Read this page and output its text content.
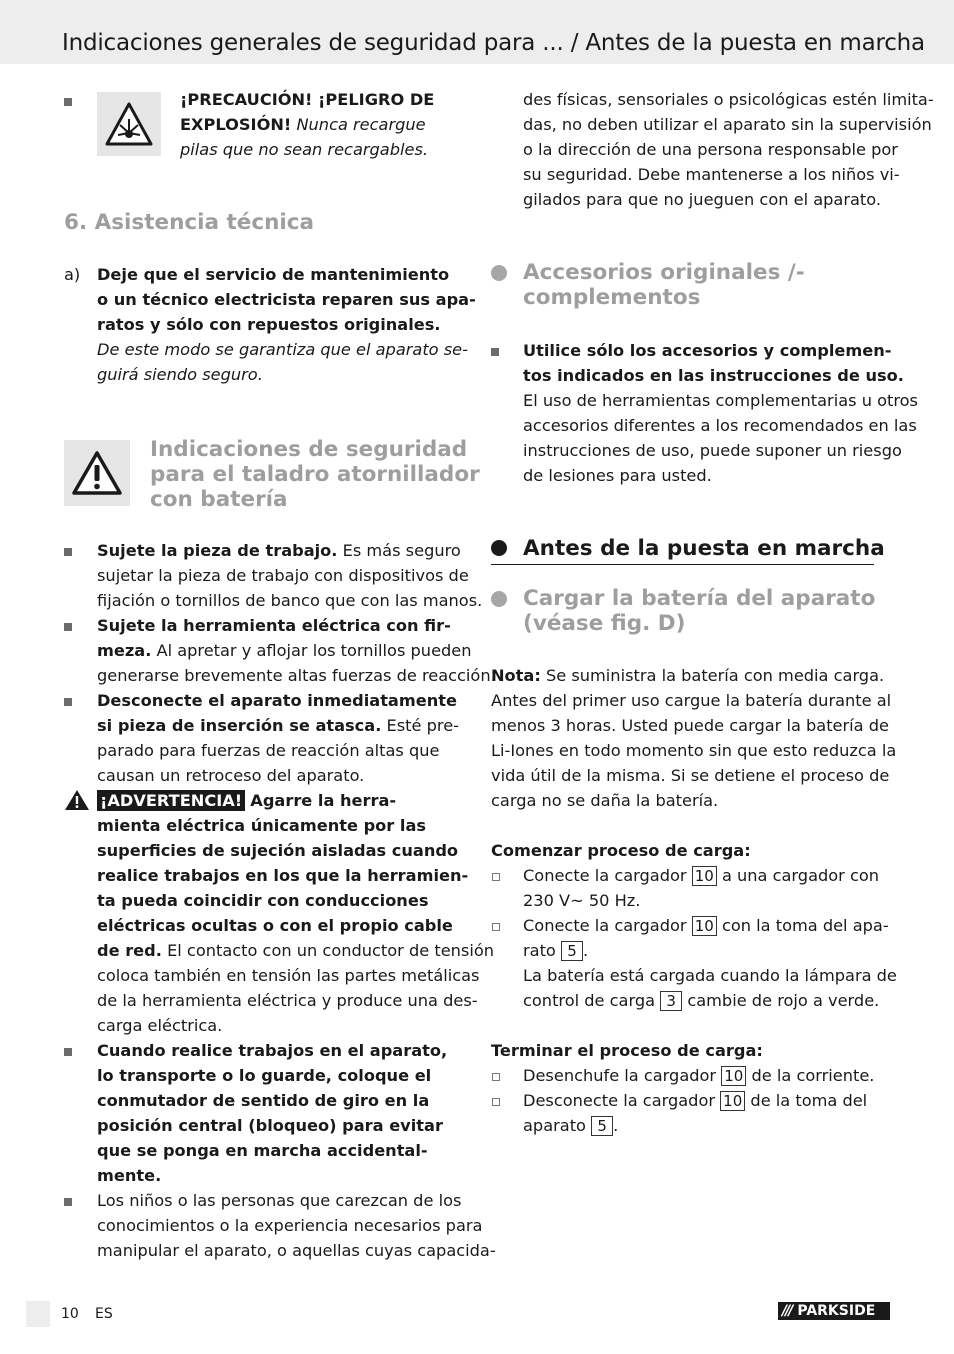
Indicaciones generales de seguridad para ... / Antes de la puesta en marcha
¡PRECAUCIÓN! ¡PELIGRO DE
EXPLOSIÓN! Nunca recargue
pilas que no sean recargables.
6. Asistencia técnica
a) Deje que el servicio de mantenimiento
o un técnico electricista reparen sus apa-
ratos y sólo con repuestos originales.
De este modo se garantiza que el aparato se-
guirá siendo seguro.
Indicaciones de seguridad
para el taladro atornillador
con batería
Sujete la pieza de trabajo. Es más seguro
sujetar la pieza de trabajo con dispositivos de
fijación o tornillos de banco que con las manos.
Sujete la herramienta eléctrica con fir-
meza. Al apretar y aflojar los tornillos pueden
generarse brevemente altas fuerzas de reacción.
Desconecte el aparato inmediatamente
si pieza de inserción se atasca. Esté pre-
parado para fuerzas de reacción altas que
causan un retroceso del aparato.
¡ADVERTENCIA! Agarre la herra-
mienta eléctrica únicamente por las
superficies de sujeción aisladas cuando
realice trabajos en los que la herramien-
ta pueda coincidir con conducciones
eléctricas ocultas o con el propio cable
de red. El contacto con un conductor de tensión
coloca también en tensión las partes metálicas
de la herramienta eléctrica y produce una des-
carga eléctrica.
Cuando realice trabajos en el aparato,
lo transporte o lo guarde, coloque el
conmutador de sentido de giro en la
posición central (bloqueo) para evitar
que se ponga en marcha accidental-
mente.
Los niños o las personas que carezcan de los
conocimientos o la experiencia necesarios para
manipular el aparato, o aquellas cuyas capacida-
des físicas, sensoriales o psicológicas estén limita-
das, no deben utilizar el aparato sin la supervisión
o la dirección de una persona responsable por
su seguridad. Debe mantenerse a los niños vi-
gilados para que no jueguen con el aparato.
Accesorios originales /-
complementos
Utilice sólo los accesorios y complemen-
tos indicados en las instrucciones de uso.
El uso de herramientas complementarias u otros
accesorios diferentes a los recomendados en las
instrucciones de uso, puede suponer un riesgo
de lesiones para usted.
Antes de la puesta en marcha
Cargar la batería del aparato
(véase fig. D)
Nota: Se suministra la batería con media carga.
Antes del primer uso cargue la batería durante al
menos 3 horas. Usted puede cargar la batería de
Li-Iones en todo momento sin que esto reduzca la
vida útil de la misma. Si se detiene el proceso de
carga no se daña la batería.
Comenzar proceso de carga:
Conecte la cargador 10 a una cargador con
230 V~ 50 Hz.
Conecte la cargador 10 con la toma del apa-
rato 5 .
La batería está cargada cuando la lámpara de
control de carga 3 cambie de rojo a verde.
Terminar el proceso de carga:
Desenchufe la cargador 10 de la corriente.
Desconecte la cargador 10 de la toma del
aparato 5 .
10 ES	/// PARKSIDE
